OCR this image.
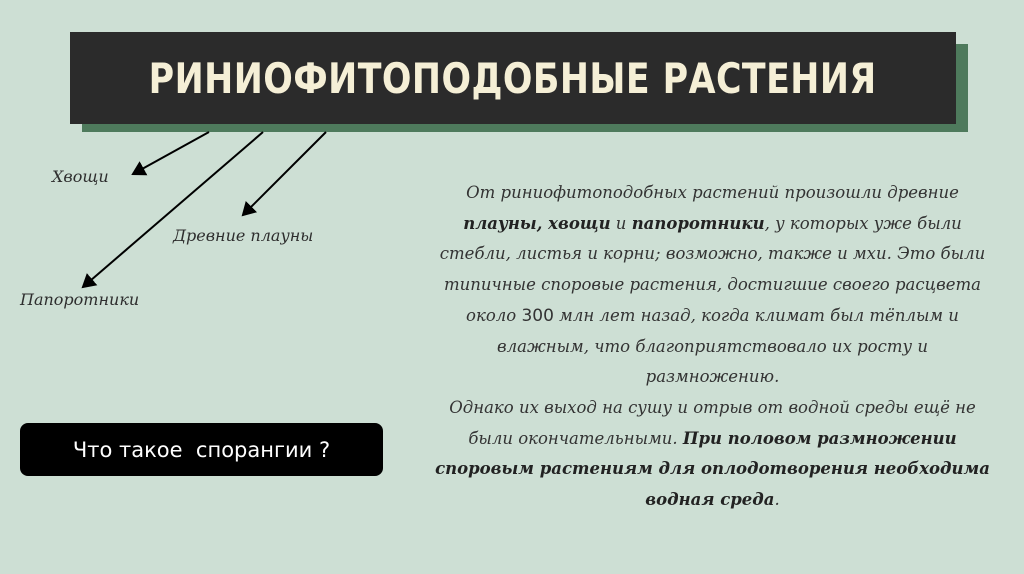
РИНИОФИТОПОДОБНЫЕ РАСТЕНИЯ
Хвощи
Древние плауны
Папоротники
От риниофитоподобных растений произошли древние плауны, хвощи и папоротники, у которых уже были стебли, листья и корни; возможно, также и мхи. Это были типичные споровые растения, достигшие своего расцвета около 300 млн лет назад, когда климат был тёплым и влажным, что благоприятствовало их росту и размножению.
Однако их выход на сушу и отрыв от водной среды ещё не были окончательными. При половом размножении споровым растениям для оплодотворения необходима водная среда.
Что такое  спорангии ?
